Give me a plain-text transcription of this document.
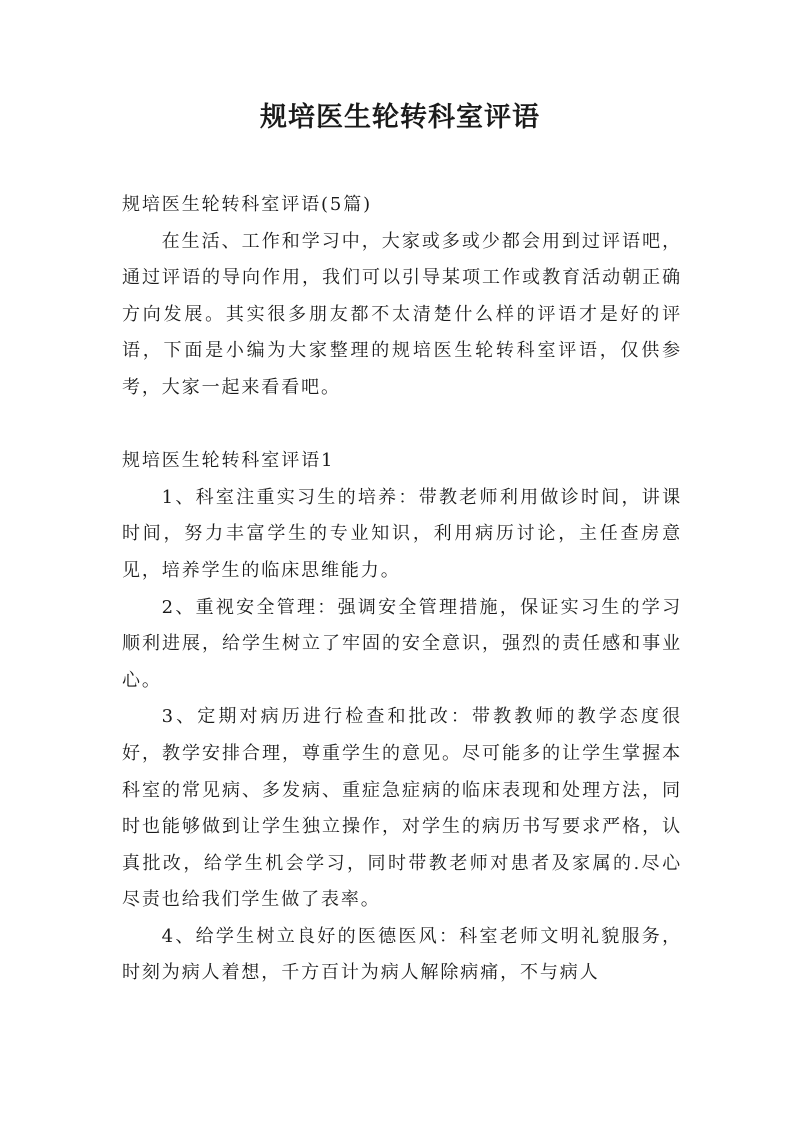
规培医生轮转科室评语

规培医生轮转科室评语(5篇)

在生活、工作和学习中，大家或多或少都会用到过评语吧，通过评语的导向作用，我们可以引导某项工作或教育活动朝正确方向发展。其实很多朋友都不太清楚什么样的评语才是好的评语，下面是小编为大家整理的规培医生轮转科室评语，仅供参考，大家一起来看看吧。

规培医生轮转科室评语1

1、科室注重实习生的培养：带教老师利用做诊时间，讲课时间，努力丰富学生的专业知识，利用病历讨论，主任查房意见，培养学生的临床思维能力。

2、重视安全管理：强调安全管理措施，保证实习生的学习顺利进展，给学生树立了牢固的安全意识，强烈的责任感和事业心。

3、定期对病历进行检查和批改：带教教师的教学态度很好，教学安排合理，尊重学生的意见。尽可能多的让学生掌握本科室的常见病、多发病、重症急症病的临床表现和处理方法，同时也能够做到让学生独立操作，对学生的病历书写要求严格，认真批改，给学生机会学习，同时带教老师对患者及家属的.尽心尽责也给我们学生做了表率。

4、给学生树立良好的医德医风：科室老师文明礼貌服务，时刻为病人着想，千方百计为病人解除病痛，不与病人
